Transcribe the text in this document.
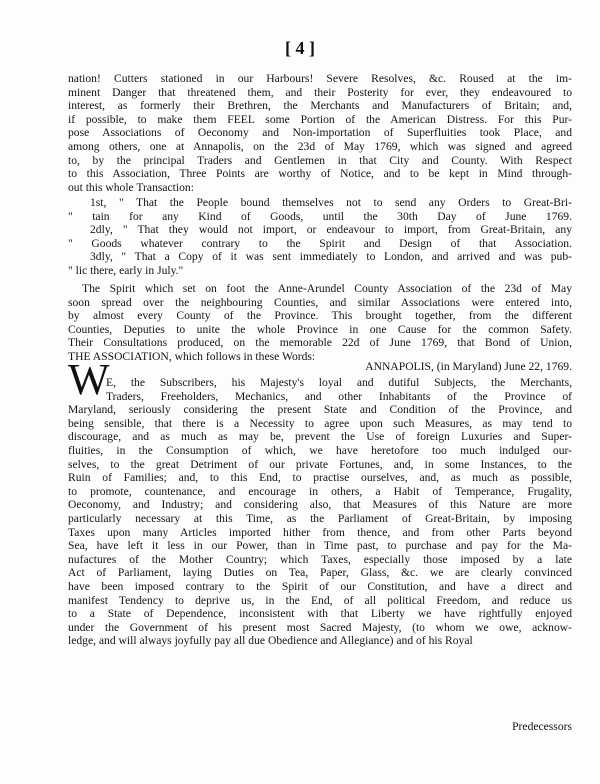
[ 4 ]
nation! Cutters stationed in our Harbours! Severe Resolves, &c. Roused at the im-
minent Danger that threatened them, and their Posterity for ever, they endeavoured to
interest, as formerly their Brethren, the Merchants and Manufacturers of Britain; and,
if possible, to make them FEEL some Portion of the American Distress. For this Pur-
pose Associations of Oeconomy and Non-importation of Superfluities took Place, and
among others, one at Annapolis, on the 23d of May 1769, which was signed and agreed
to, by the principal Traders and Gentlemen in that City and County. With Respect
to this Association, Three Points are worthy of Notice, and to be kept in Mind through-
out this whole Transaction:
1st, " That the People bound themselves not to send any Orders to Great-Bri-
" tain for any Kind of Goods, until the 30th Day of June 1769.
2dly, " That they would not import, or endeavour to import, from Great-Britain, any
" Goods whatever contrary to the Spirit and Design of that Association.
3dly, " That a Copy of it was sent immediately to London, and arrived and was pub-
" lic there, early in July."
The Spirit which set on foot the Anne-Arundel County Association of the 23d of May
soon spread over the neighbouring Counties, and similar Associations were entered into,
by almost every County of the Province. This brought together, from the different
Counties, Deputies to unite the whole Province in one Cause for the common Safety.
Their Consultations produced, on the memorable 22d of June 1769, that Bond of Union,
THE ASSOCIATION, which follows in these Words:
ANNAPOLIS, (in Maryland) June 22, 1769.
W
E, the Subscribers, his Majesty's loyal and dutiful Subjects, the Merchants,
Traders, Freeholders, Mechanics, and other Inhabitants of the Province of
Maryland, seriously considering the present State and Condition of the Province, and
being sensible, that there is a Necessity to agree upon such Measures, as may tend to
discourage, and as much as may be, prevent the Use of foreign Luxuries and Super-
fluities, in the Consumption of which, we have heretofore too much indulged our-
selves, to the great Detriment of our private Fortunes, and, in some Instances, to the
Ruin of Families; and, to this End, to practise ourselves, and, as much as possible,
to promote, countenance, and encourage in others, a Habit of Temperance, Frugality,
Oeconomy, and Industry; and considering also, that Measures of this Nature are more
particularly necessary at this Time, as the Parliament of Great-Britain, by imposing
Taxes upon many Articles imported hither from thence, and from other Parts beyond
Sea, have left it less in our Power, than in Time past, to purchase and pay for the Ma-
nufactures of the Mother Country; which Taxes, especially those imposed by a late
Act of Parliament, laying Duties on Tea, Paper, Glass, &c. we are clearly convinced
have been imposed contrary to the Spirit of our Constitution, and have a direct and
manifest Tendency to deprive us, in the End, of all political Freedom, and reduce us
to a State of Dependence, inconsistent with that Liberty we have rightfully enjoyed
under the Government of his present most Sacred Majesty, (to whom we owe, acknow-
ledge, and will always joyfully pay all due Obedience and Allegiance) and of his Royal
Predecessors
